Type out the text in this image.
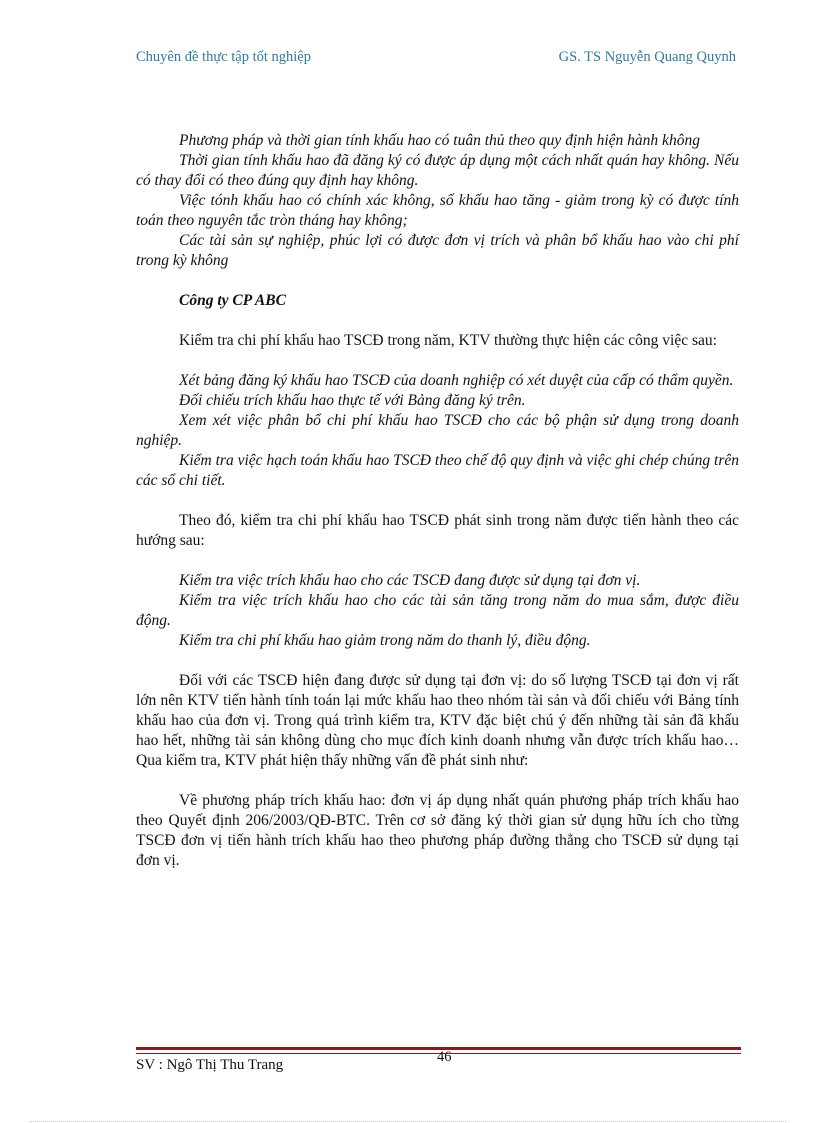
Chuyên đề thực tập tốt nghiệp	GS. TS Nguyễn Quang Quynh

Phương pháp và thời gian tính khấu hao có tuân thủ theo quy định hiện hành không

Thời gian tính khấu hao đã đăng ký có được áp dụng một cách nhất quán hay không. Nếu có thay đổi có theo đúng quy định hay không.

Việc tónh khấu hao có chính xác không, số khấu hao tăng - giảm trong kỳ có được tính toán theo nguyên tắc tròn tháng hay không;

Các tài sản sự nghiệp, phúc lợi có được đơn vị trích và phân bổ khấu hao vào chi phí trong kỳ không

Công ty CP ABC

Kiểm tra chi phí khấu hao TSCĐ trong năm, KTV thường thực hiện các công việc sau:

Xét bảng đăng ký khấu hao TSCĐ của doanh nghiệp có xét duyệt của cấp có thẩm quyền.

Đối chiếu trích khấu hao thực tế với Bảng đăng ký trên.

Xem xét việc phân bổ chi phí khấu hao TSCĐ cho các bộ phận sử dụng trong doanh nghiệp.

Kiểm tra việc hạch toán khấu hao TSCĐ theo chế độ quy định và việc ghi chép chúng trên các sổ chi tiết.

Theo đó, kiểm tra chi phí khấu hao TSCĐ phát sinh trong năm được tiến hành theo các hướng sau:

Kiểm tra việc trích khấu hao cho các TSCĐ đang được sử dụng tại đơn vị.

Kiểm tra việc trích khấu hao cho các tài sản tăng trong năm do mua sắm, được điều động.

Kiểm tra chi phí khấu hao giảm trong năm do thanh lý, điều động.

Đối với các TSCĐ hiện đang được sử dụng tại đơn vị: do số lượng TSCĐ tại đơn vị rất lớn nên KTV tiến hành tính toán lại mức khấu hao theo nhóm tài sản và đối chiếu với Bảng tính khấu hao của đơn vị. Trong quá trình kiểm tra, KTV đặc biệt chú ý đến những tài sản đã khấu hao hết, những tài sản không dùng cho mục đích kinh doanh nhưng vẫn được trích khấu hao… Qua kiểm tra, KTV phát hiện thấy những vấn đề phát sinh như:

Về phương pháp trích khấu hao: đơn vị áp dụng nhất quán phương pháp trích khấu hao theo Quyết định 206/2003/QĐ-BTC. Trên cơ sở đăng ký thời gian sử dụng hữu ích cho từng TSCĐ đơn vị tiến hành trích khấu hao theo phương pháp đường thẳng cho TSCĐ sử dụng tại đơn vị.

46
SV : Ngô Thị Thu Trang
